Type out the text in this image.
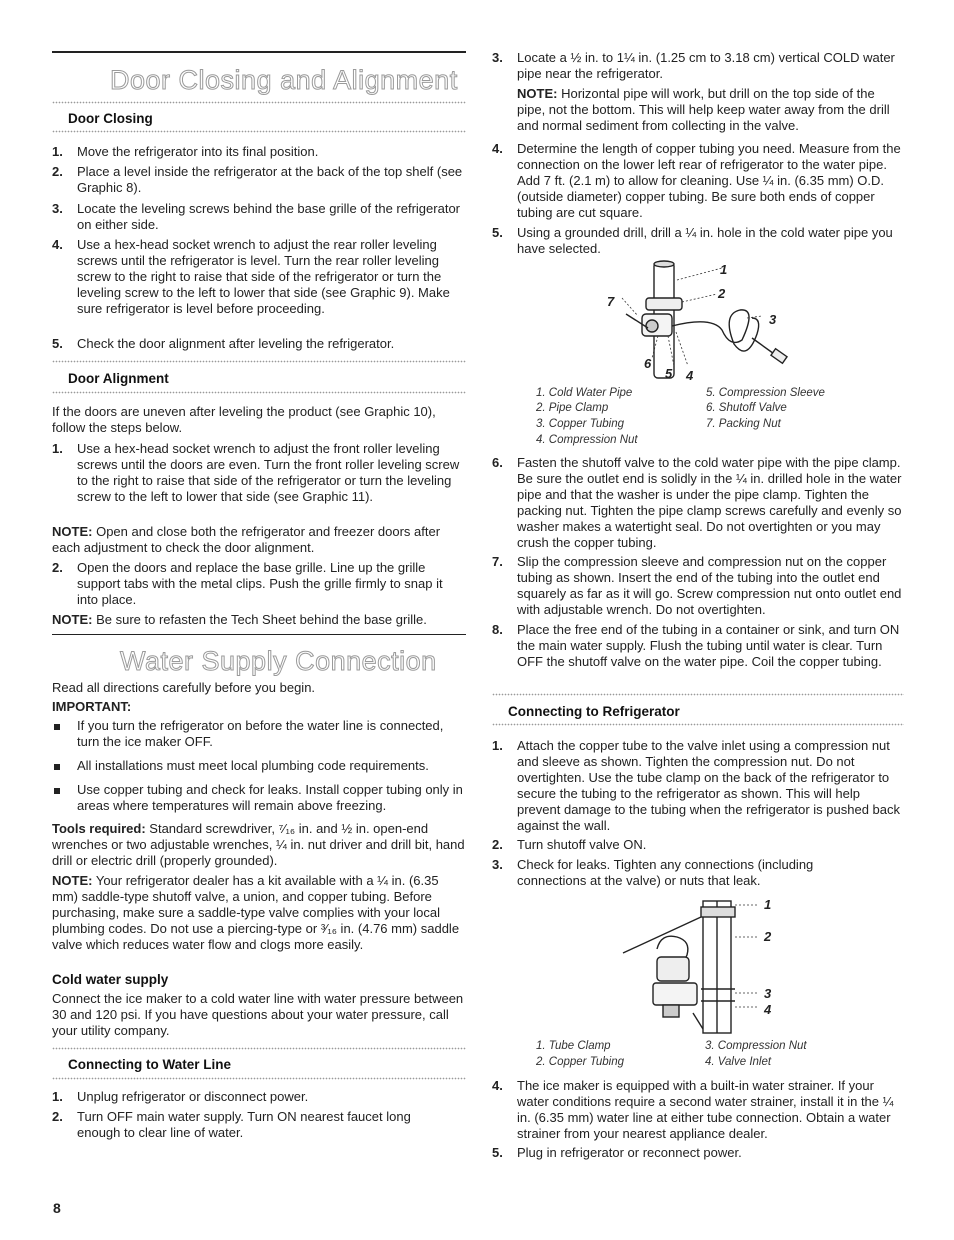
Door Closing and Alignment
Door Closing
1. Move the refrigerator into its final position.
2. Place a level inside the refrigerator at the back of the top shelf (see Graphic 8).
3. Locate the leveling screws behind the base grille of the refrigerator on either side.
4. Use a hex-head socket wrench to adjust the rear roller leveling screws until the refrigerator is level. Turn the rear roller leveling screw to the right to raise that side of the refrigerator or turn the leveling screw to the left to lower that side (see Graphic 9). Make sure refrigerator is level before proceeding.
5. Check the door alignment after leveling the refrigerator.
Door Alignment
If the doors are uneven after leveling the product (see Graphic 10), follow the steps below.
1. Use a hex-head socket wrench to adjust the front roller leveling screws until the doors are even. Turn the front roller leveling screw to the right to raise that side of the refrigerator or turn the leveling screw to the left to lower that side (see Graphic 11).
NOTE: Open and close both the refrigerator and freezer doors after each adjustment to check the door alignment.
2. Open the doors and replace the base grille. Line up the grille support tabs with the metal clips. Push the grille firmly to snap it into place.
NOTE: Be sure to refasten the Tech Sheet behind the base grille.
Water Supply Connection
Read all directions carefully before you begin.
IMPORTANT:
If you turn the refrigerator on before the water line is connected, turn the ice maker OFF.
All installations must meet local plumbing code requirements.
Use copper tubing and check for leaks. Install copper tubing only in areas where temperatures will remain above freezing.
Tools required: Standard screwdriver, ⁷⁄₁₆ in. and ½ in. open-end wrenches or two adjustable wrenches, ¼ in. nut driver and drill bit, hand drill or electric drill (properly grounded).
NOTE: Your refrigerator dealer has a kit available with a ¼ in. (6.35 mm) saddle-type shutoff valve, a union, and copper tubing. Before purchasing, make sure a saddle-type valve complies with your local plumbing codes. Do not use a piercing-type or ³⁄₁₆ in. (4.76 mm) saddle valve which reduces water flow and clogs more easily.
Cold water supply
Connect the ice maker to a cold water line with water pressure between 30 and 120 psi. If you have questions about your water pressure, call your utility company.
Connecting to Water Line
1. Unplug refrigerator or disconnect power.
2. Turn OFF main water supply. Turn ON nearest faucet long enough to clear line of water.
3. Locate a ½ in. to 1¼ in. (1.25 cm to 3.18 cm) vertical COLD water pipe near the refrigerator.
NOTE: Horizontal pipe will work, but drill on the top side of the pipe, not the bottom. This will help keep water away from the drill and normal sediment from collecting in the valve.
4. Determine the length of copper tubing you need. Measure from the connection on the lower left rear of refrigerator to the water pipe. Add 7 ft. (2.1 m) to allow for cleaning. Use ¼ in. (6.35 mm) O.D. (outside diameter) copper tubing. Be sure both ends of copper tubing are cut square.
5. Using a grounded drill, drill a ¼ in. hole in the cold water pipe you have selected.
1
2
3
4
5
6
7
1. Cold Water Pipe
2. Pipe Clamp
3. Copper Tubing
4. Compression Nut
5. Compression Sleeve
6. Shutoff Valve
7. Packing Nut
6. Fasten the shutoff valve to the cold water pipe with the pipe clamp. Be sure the outlet end is solidly in the ¼ in. drilled hole in the water pipe and that the washer is under the pipe clamp. Tighten the packing nut. Tighten the pipe clamp screws carefully and evenly so washer makes a watertight seal. Do not overtighten or you may crush the copper tubing.
7. Slip the compression sleeve and compression nut on the copper tubing as shown. Insert the end of the tubing into the outlet end squarely as far as it will go. Screw compression nut onto outlet end with adjustable wrench. Do not overtighten.
8. Place the free end of the tubing in a container or sink, and turn ON the main water supply. Flush the tubing until water is clear. Turn OFF the shutoff valve on the water pipe. Coil the copper tubing.
Connecting to Refrigerator
1. Attach the copper tube to the valve inlet using a compression nut and sleeve as shown. Tighten the compression nut. Do not overtighten. Use the tube clamp on the back of the refrigerator to secure the tubing to the refrigerator as shown. This will help prevent damage to the tubing when the refrigerator is pushed back against the wall.
2. Turn shutoff valve ON.
3. Check for leaks. Tighten any connections (including connections at the valve) or nuts that leak.
1
2
3
4
1. Tube Clamp
2. Copper Tubing
3. Compression Nut
4. Valve Inlet
4. The ice maker is equipped with a built-in water strainer. If your water conditions require a second water strainer, install it in the ¼ in. (6.35 mm) water line at either tube connection. Obtain a water strainer from your nearest appliance dealer.
5. Plug in refrigerator or reconnect power.
8
